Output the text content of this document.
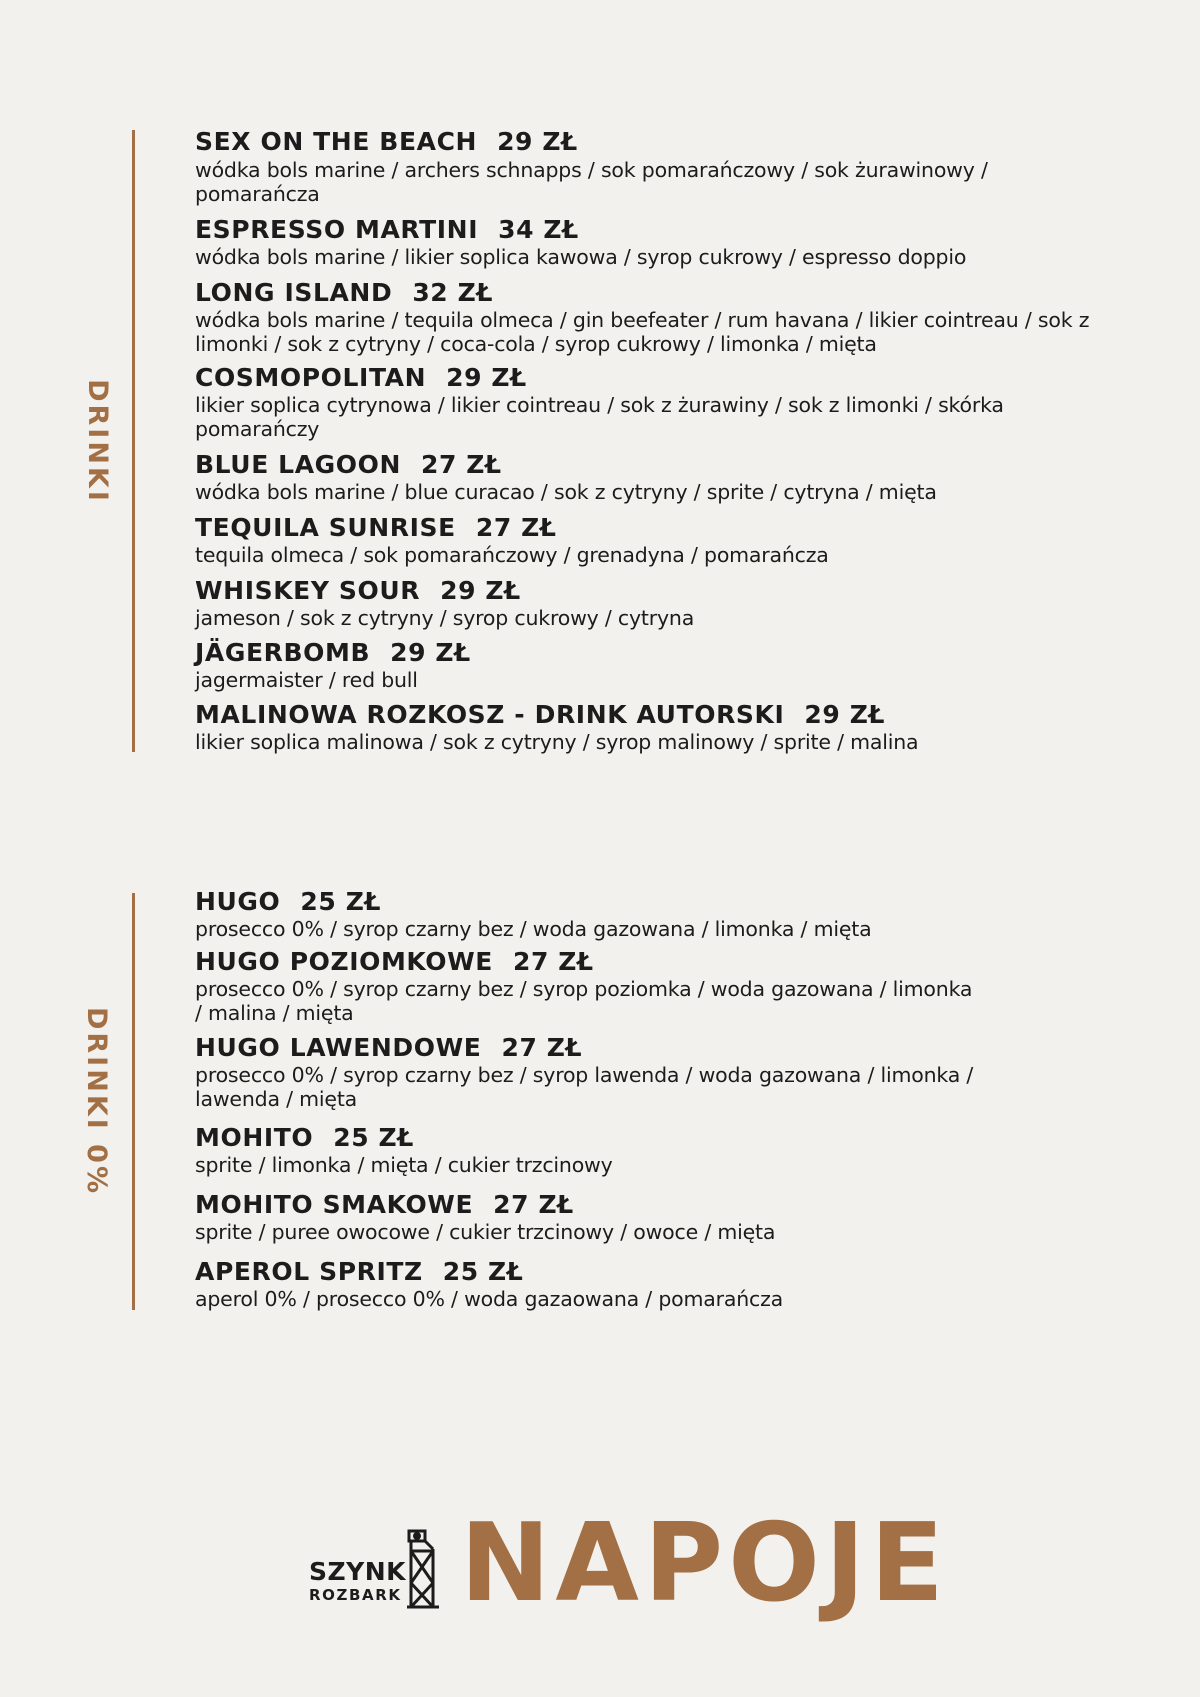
DRINKI
SEX ON THE BEACH 29 ZŁ
wódka bols marine / archers schnapps / sok pomarańczowy / sok żurawinowy / pomarańcza
ESPRESSO MARTINI 34 ZŁ
wódka bols marine / likier soplica kawowa / syrop cukrowy / espresso doppio
LONG ISLAND 32 ZŁ
wódka bols marine / tequila olmeca / gin beefeater / rum havana / likier cointreau / sok z limonki / sok z cytryny / coca-cola / syrop cukrowy / limonka / mięta
COSMOPOLITAN 29 ZŁ
likier soplica cytrynowa / likier cointreau / sok z żurawiny / sok z limonki / skórka pomarańczy
BLUE LAGOON 27 ZŁ
wódka bols marine / blue curacao / sok z cytryny / sprite / cytryna / mięta
TEQUILA SUNRISE 27 ZŁ
tequila olmeca / sok pomarańczowy / grenadyna / pomarańcza
WHISKEY SOUR 29 ZŁ
jameson / sok z cytryny / syrop cukrowy / cytryna
JÄGERBOMB 29 ZŁ
jagermaister / red bull
MALINOWA ROZKOSZ - DRINK AUTORSKI 29 ZŁ
likier soplica malinowa / sok z cytryny / syrop malinowy / sprite / malina
DRINKI 0%
HUGO 25 ZŁ
prosecco 0% / syrop czarny bez / woda gazowana / limonka / mięta
HUGO POZIOMKOWE 27 ZŁ
prosecco 0% / syrop czarny bez / syrop poziomka / woda gazowana / limonka / malina / mięta
HUGO LAWENDOWE 27 ZŁ
prosecco 0% / syrop czarny bez / syrop lawenda / woda gazowana / limonka / lawenda / mięta
MOHITO 25 ZŁ
sprite / limonka / mięta / cukier trzcinowy
MOHITO SMAKOWE 27 ZŁ
sprite / puree owocowe / cukier trzcinowy / owoce / mięta
APEROL SPRITZ 25 ZŁ
aperol 0% / prosecco 0% / woda gazaowana / pomarańcza
SZYNK
ROZBARK NAPOJE
